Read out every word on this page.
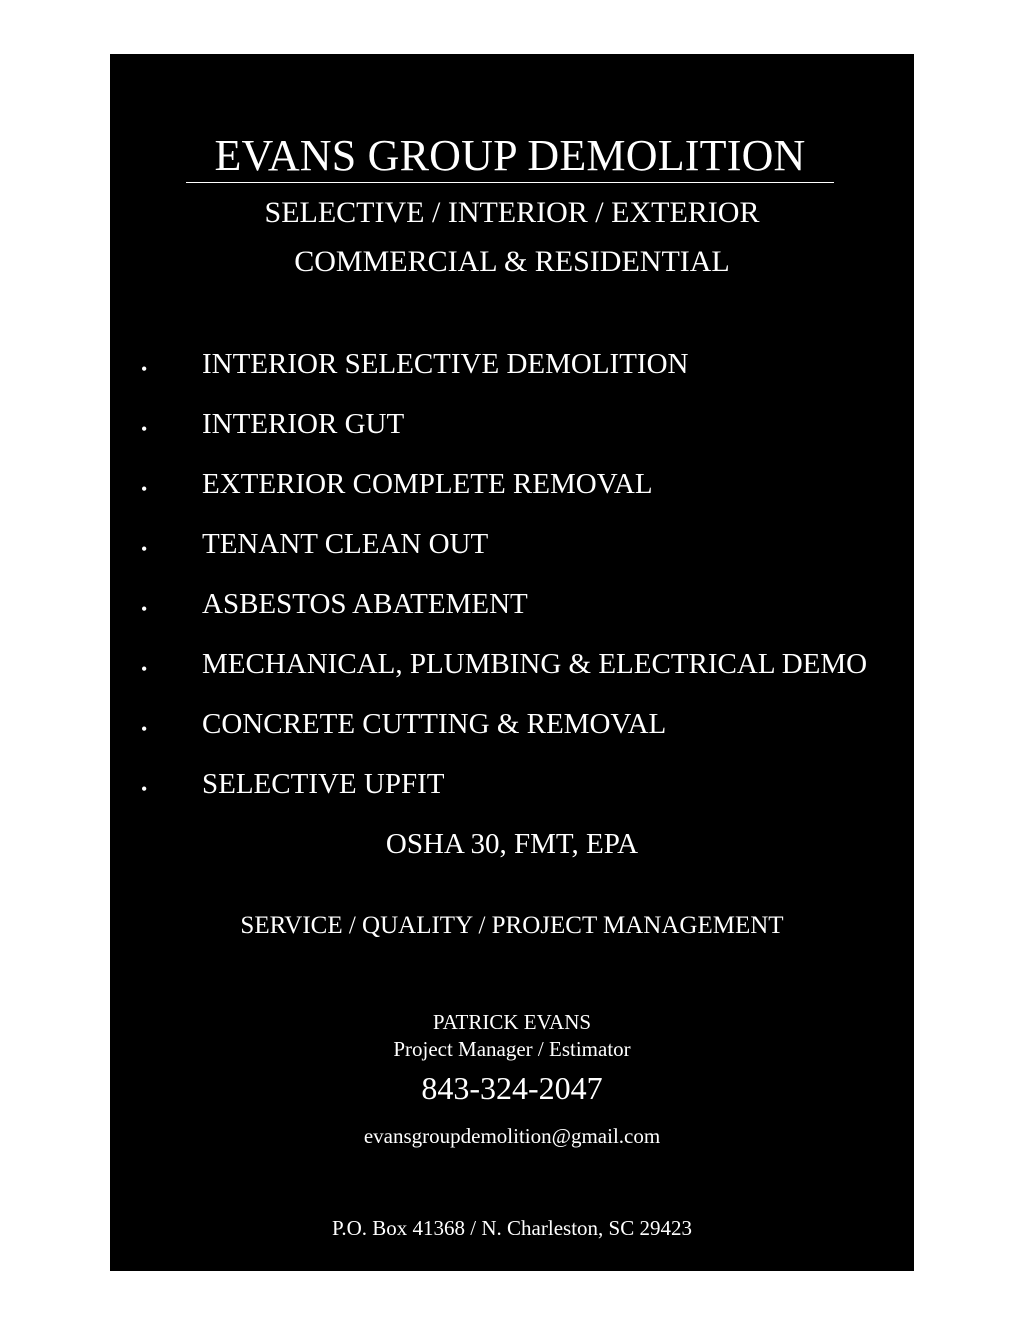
EVANS GROUP DEMOLITION
SELECTIVE / INTERIOR / EXTERIOR
COMMERCIAL & RESIDENTIAL
• INTERIOR SELECTIVE DEMOLITION
• INTERIOR GUT
• EXTERIOR COMPLETE REMOVAL
• TENANT CLEAN OUT
• ASBESTOS ABATEMENT
• MECHANICAL, PLUMBING & ELECTRICAL DEMO
• CONCRETE CUTTING & REMOVAL
• SELECTIVE UPFIT
OSHA 30, FMT, EPA
SERVICE / QUALITY / PROJECT MANAGEMENT
PATRICK EVANS
Project Manager / Estimator
843-324-2047
evansgroupdemolition@gmail.com
P.O. Box 41368 / N. Charleston, SC 29423
